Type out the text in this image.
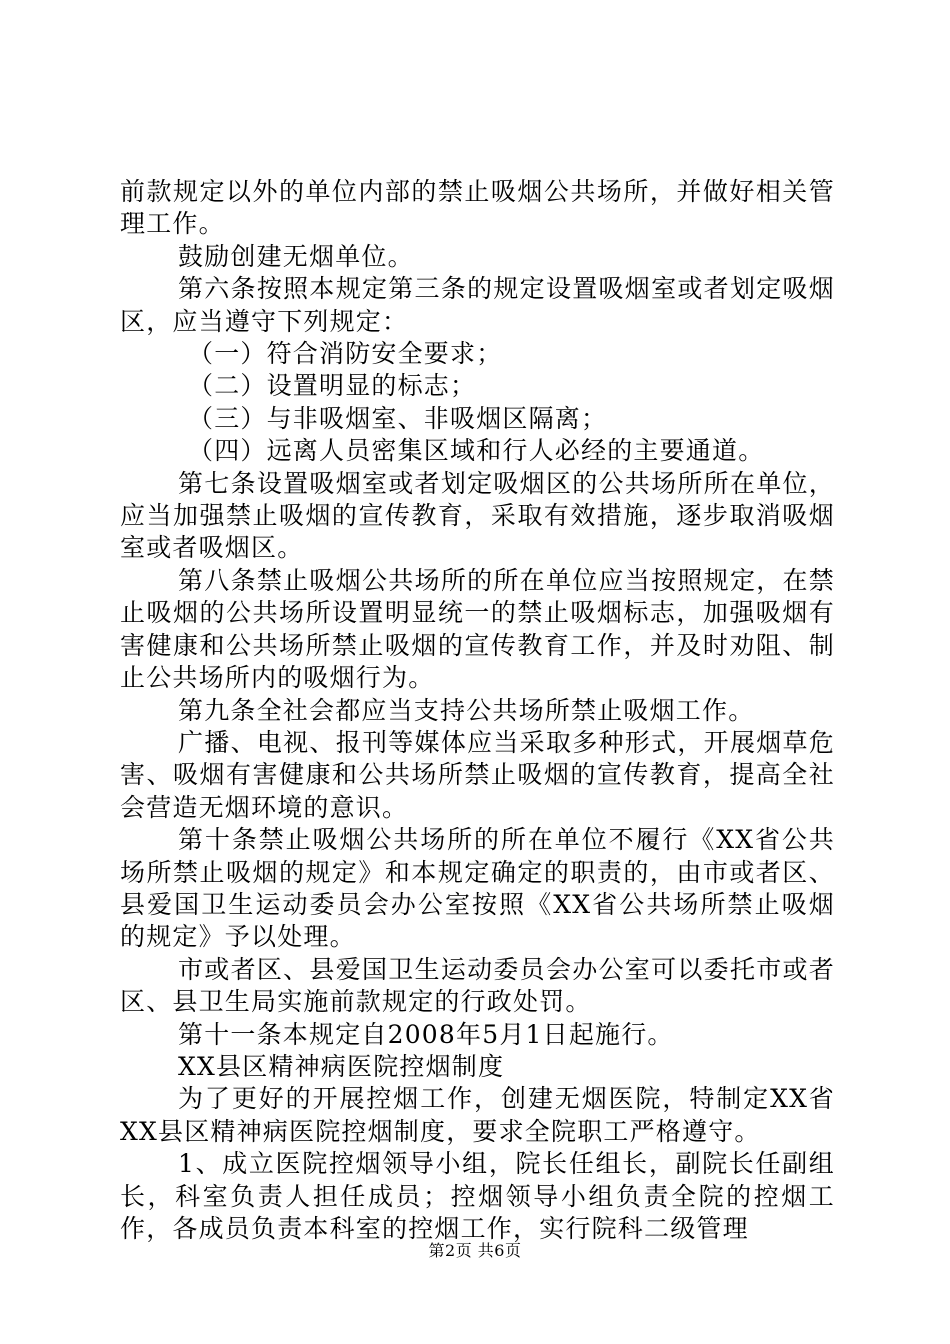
前款规定以外的单位内部的禁止吸烟公共场所，并做好相关管理工作。

鼓励创建无烟单位。

第六条按照本规定第三条的规定设置吸烟室或者划定吸烟区，应当遵守下列规定：

（一）符合消防安全要求；

（二）设置明显的标志；

（三）与非吸烟室、非吸烟区隔离；

（四）远离人员密集区域和行人必经的主要通道。

第七条设置吸烟室或者划定吸烟区的公共场所所在单位，应当加强禁止吸烟的宣传教育，采取有效措施，逐步取消吸烟室或者吸烟区。

第八条禁止吸烟公共场所的所在单位应当按照规定，在禁止吸烟的公共场所设置明显统一的禁止吸烟标志，加强吸烟有害健康和公共场所禁止吸烟的宣传教育工作，并及时劝阻、制止公共场所内的吸烟行为。

第九条全社会都应当支持公共场所禁止吸烟工作。

广播、电视、报刊等媒体应当采取多种形式，开展烟草危害、吸烟有害健康和公共场所禁止吸烟的宣传教育，提高全社会营造无烟环境的意识。

第十条禁止吸烟公共场所的所在单位不履行《XX省公共场所禁止吸烟的规定》和本规定确定的职责的，由市或者区、县爱国卫生运动委员会办公室按照《XX省公共场所禁止吸烟的规定》予以处理。

市或者区、县爱国卫生运动委员会办公室可以委托市或者区、县卫生局实施前款规定的行政处罚。

第十一条本规定自2008年5月1日起施行。

XX县区精神病医院控烟制度

为了更好的开展控烟工作，创建无烟医院，特制定XX省XX县区精神病医院控烟制度，要求全院职工严格遵守。

1、成立医院控烟领导小组，院长任组长，副院长任副组长，科室负责人担任成员；控烟领导小组负责全院的控烟工作，各成员负责本科室的控烟工作，实行院科二级管理

第2页 共6页
